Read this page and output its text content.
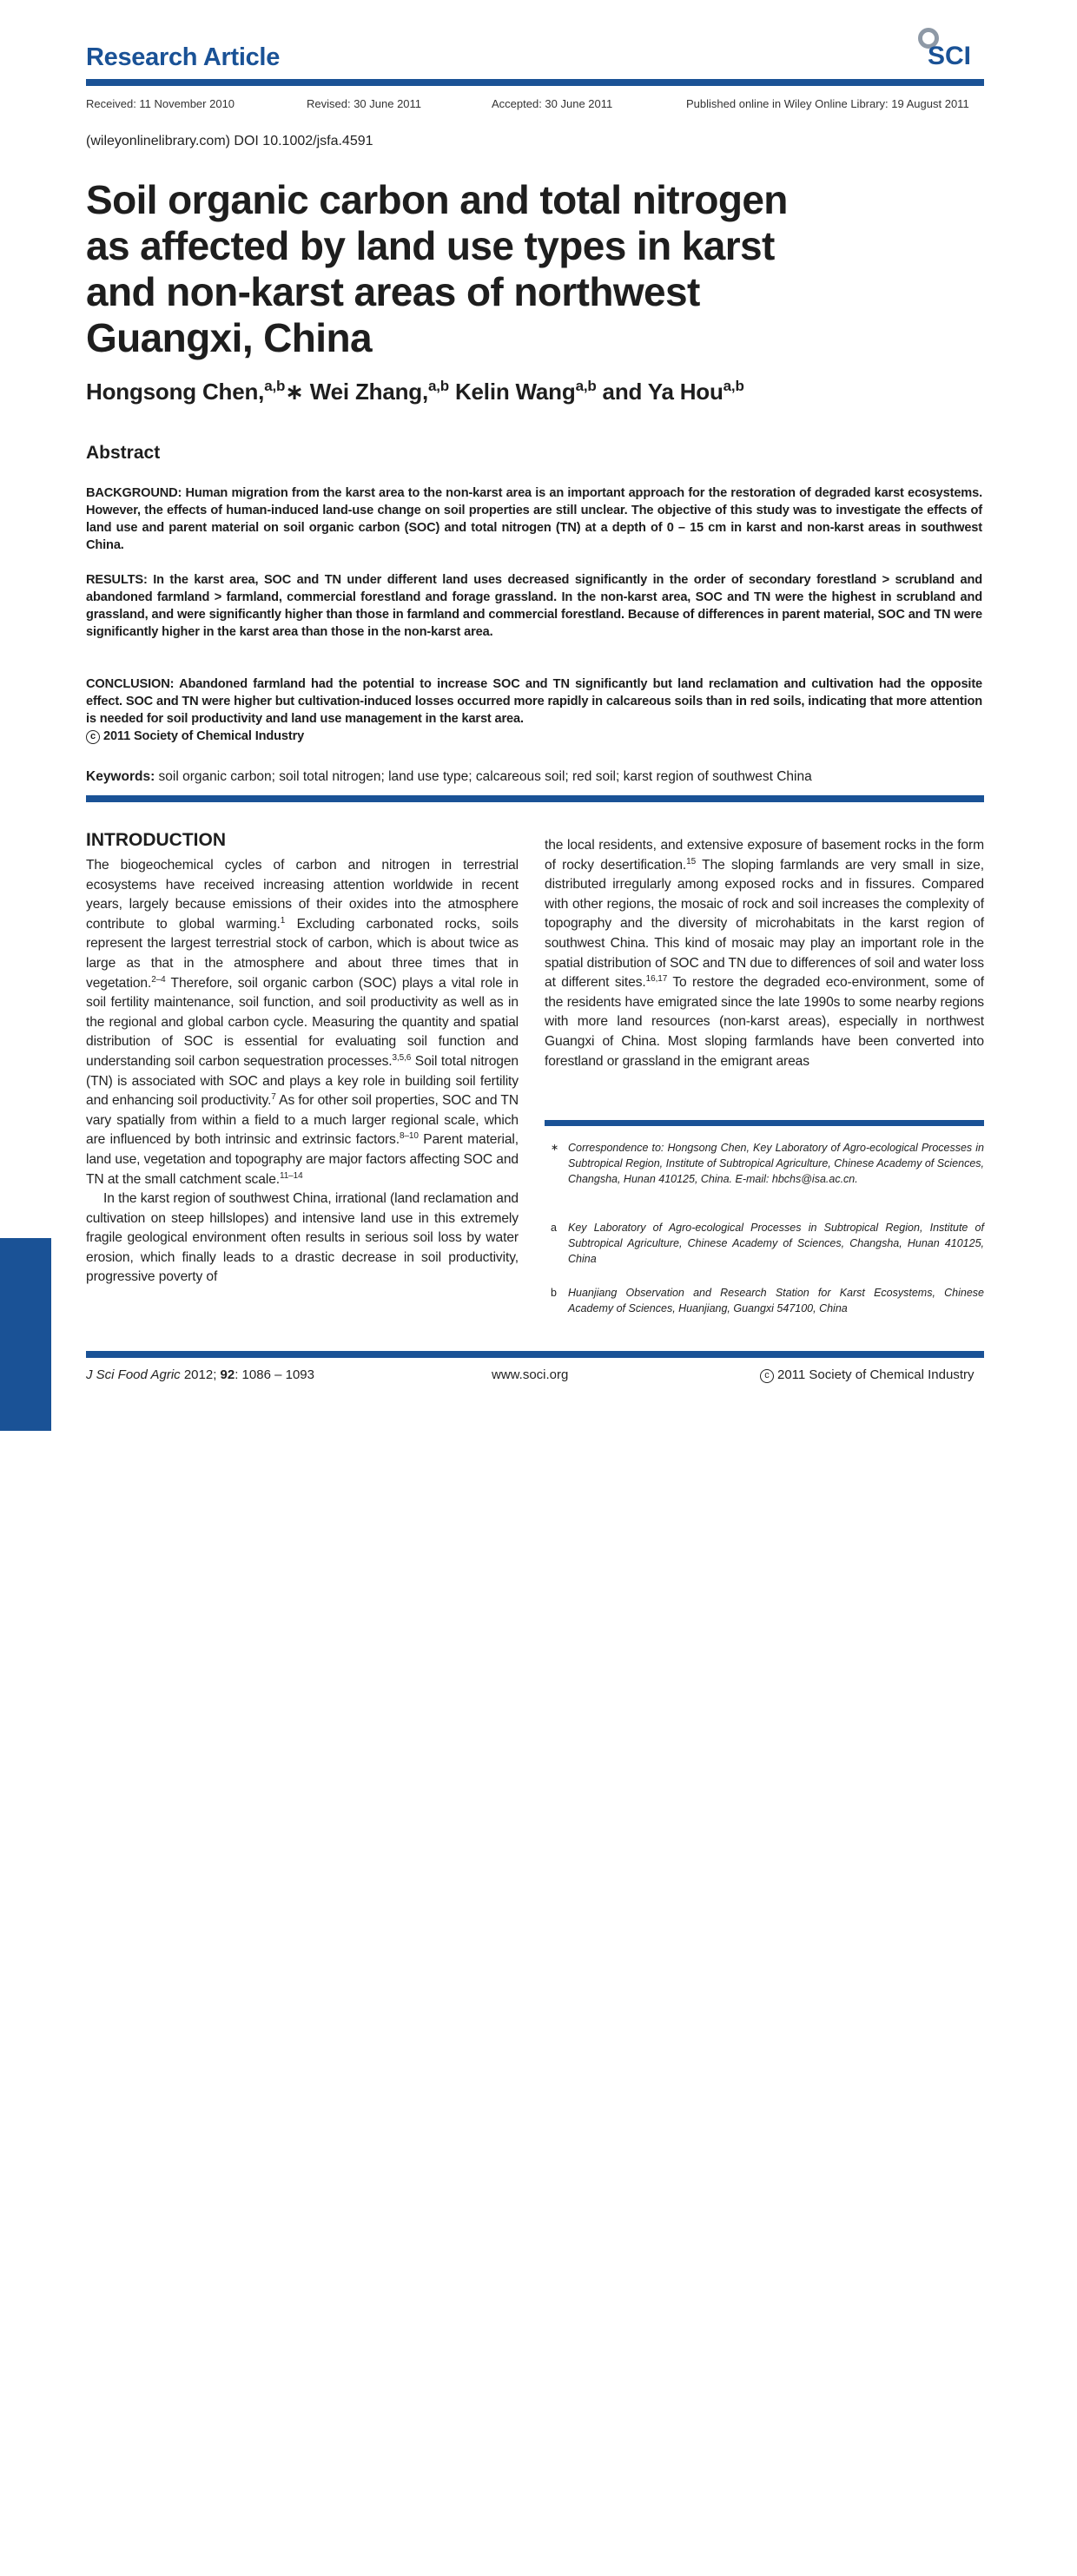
Research Article	SCI
Received: 11 November 2010	Revised: 30 June 2011	Accepted: 30 June 2011	Published online in Wiley Online Library: 19 August 2011
(wileyonlinelibrary.com) DOI 10.1002/jsfa.4591
Soil organic carbon and total nitrogen
as affected by land use types in karst
and non-karst areas of northwest
Guangxi, China
Hongsong Chen,$^{a,b}$∗ Wei Zhang,$^{a,b}$ Kelin Wang$^{a,b}$ and Ya Hou$^{a,b}$
Abstract

BACKGROUND: Human migration from the karst area to the non-karst area is an important approach for the restoration of degraded karst ecosystems. However, the effects of human-induced land-use change on soil properties are still unclear. The objective of this study was to investigate the effects of land use and parent material on soil organic carbon (SOC) and total nitrogen (TN) at a depth of 0 – 15 cm in karst and non-karst areas in southwest China.

RESULTS: In the karst area, SOC and TN under different land uses decreased significantly in the order of secondary forestland > scrubland and abandoned farmland > farmland, commercial forestland and forage grassland. In the non-karst area, SOC and TN were the highest in scrubland and grassland, and were significantly higher than those in farmland and commercial forestland. Because of differences in parent material, SOC and TN were significantly higher in the karst area than those in the non-karst area.

CONCLUSION: Abandoned farmland had the potential to increase SOC and TN significantly but land reclamation and cultivation had the opposite effect. SOC and TN were higher but cultivation-induced losses occurred more rapidly in calcareous soils than in red soils, indicating that more attention is needed for soil productivity and land use management in the karst area.
c 2011 Society of Chemical Industry
Keywords: soil organic carbon; soil total nitrogen; land use type; calcareous soil; red soil; karst region of southwest China
INTRODUCTION

The biogeochemical cycles of carbon and nitrogen in terrestrial ecosystems have received increasing attention worldwide in recent years, largely because emissions of their oxides into the atmosphere contribute to global warming.$^1$ Excluding carbonated rocks, soils represent the largest terrestrial stock of carbon, which is about twice as large as that in the atmosphere and about three times that in vegetation.$^{2-4}$ Therefore, soil organic carbon (SOC) plays a vital role in soil fertility maintenance, soil function, and soil productivity as well as in the regional and global carbon cycle. Measuring the quantity and spatial distribution of SOC is essential for evaluating soil function and understanding soil carbon sequestration processes.$^{3,5,6}$ Soil total nitrogen (TN) is associated with SOC and plays a key role in building soil fertility and enhancing soil productivity.$^7$ As for other soil properties, SOC and TN vary spatially from within a field to a much larger regional scale, which are influenced by both intrinsic and extrinsic factors.$^{8-10}$ Parent material, land use, vegetation and topography are major factors affecting SOC and TN at the small catchment scale.$^{11-14}$

In the karst region of southwest China, irrational (land reclamation and cultivation on steep hillslopes) and intensive land use in this extremely fragile geological environment often results in serious soil loss by water erosion, which finally leads to a drastic decrease in soil productivity, progressive poverty of

the local residents, and extensive exposure of basement rocks in the form of rocky desertification.$^{15}$ The sloping farmlands are very small in size, distributed irregularly among exposed rocks and in fissures. Compared with other regions, the mosaic of rock and soil increases the complexity of topography and the diversity of microhabitats in the karst region of southwest China. This kind of mosaic may play an important role in the spatial distribution of SOC and TN due to differences of soil and water loss at different sites.$^{16,17}$ To restore the degraded eco-environment, some of the residents have emigrated since the late 1990s to some nearby regions with more land resources (non-karst areas), especially in northwest Guangxi of China. Most sloping farmlands have been converted into forestland or grassland in the emigrant areas

∗ Correspondence to: Hongsong Chen, Key Laboratory of Agro-ecological Processes in Subtropical Region, Institute of Subtropical Agriculture, Chinese Academy of Sciences, Changsha, Hunan 410125, China. E-mail: hbchs@isa.ac.cn.

a Key Laboratory of Agro-ecological Processes in Subtropical Region, Institute of Subtropical Agriculture, Chinese Academy of Sciences, Changsha, Hunan 410125, China

b Huanjiang Observation and Research Station for Karst Ecosystems, Chinese Academy of Sciences, Huanjiang, Guangxi 547100, China

1086
J Sci Food Agric 2012; 92: 1086 – 1093	www.soci.org	c 2011 Society of Chemical Industry
